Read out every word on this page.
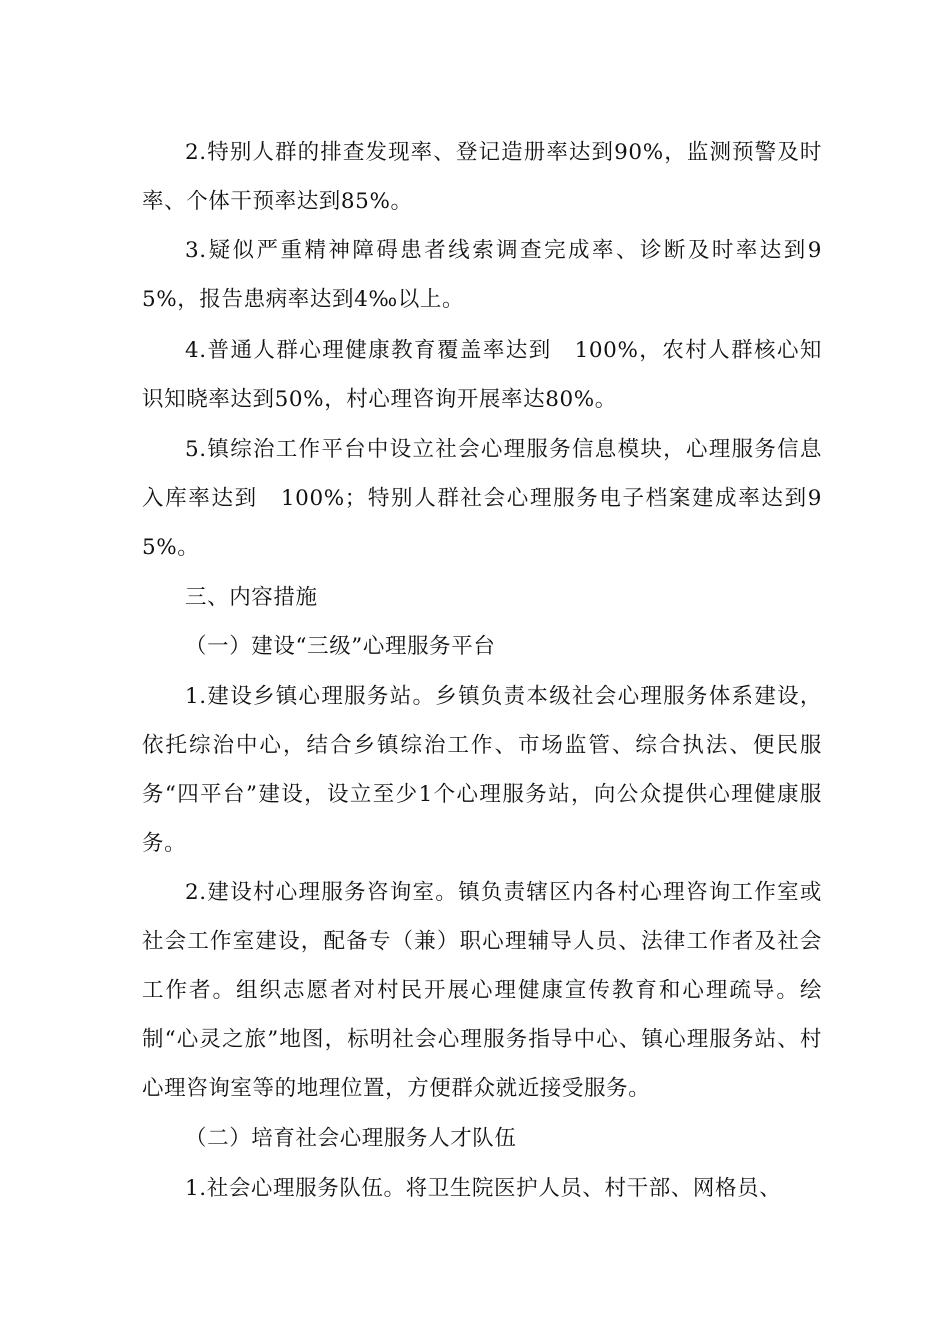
2.特别人群的排查发现率、登记造册率达到90%，监测预警及时率、个体干预率达到85%。

3.疑似严重精神障碍患者线索调查完成率、诊断及时率达到95%，报告患病率达到4‰以上。

4.普通人群心理健康教育覆盖率达到　100%，农村人群核心知识知晓率达到50%，村心理咨询开展率达80%。

5.镇综治工作平台中设立社会心理服务信息模块，心理服务信息入库率达到　100%；特别人群社会心理服务电子档案建成率达到95%。

三、内容措施

（一）建设“三级”心理服务平台

1.建设乡镇心理服务站。乡镇负责本级社会心理服务体系建设，依托综治中心，结合乡镇综治工作、市场监管、综合执法、便民服务“四平台”建设，设立至少1个心理服务站，向公众提供心理健康服务。

2.建设村心理服务咨询室。镇负责辖区内各村心理咨询工作室或社会工作室建设，配备专（兼）职心理辅导人员、法律工作者及社会工作者。组织志愿者对村民开展心理健康宣传教育和心理疏导。绘制“心灵之旅”地图，标明社会心理服务指导中心、镇心理服务站、村心理咨询室等的地理位置，方便群众就近接受服务。

（二）培育社会心理服务人才队伍

1.社会心理服务队伍。将卫生院医护人员、村干部、网格员、
